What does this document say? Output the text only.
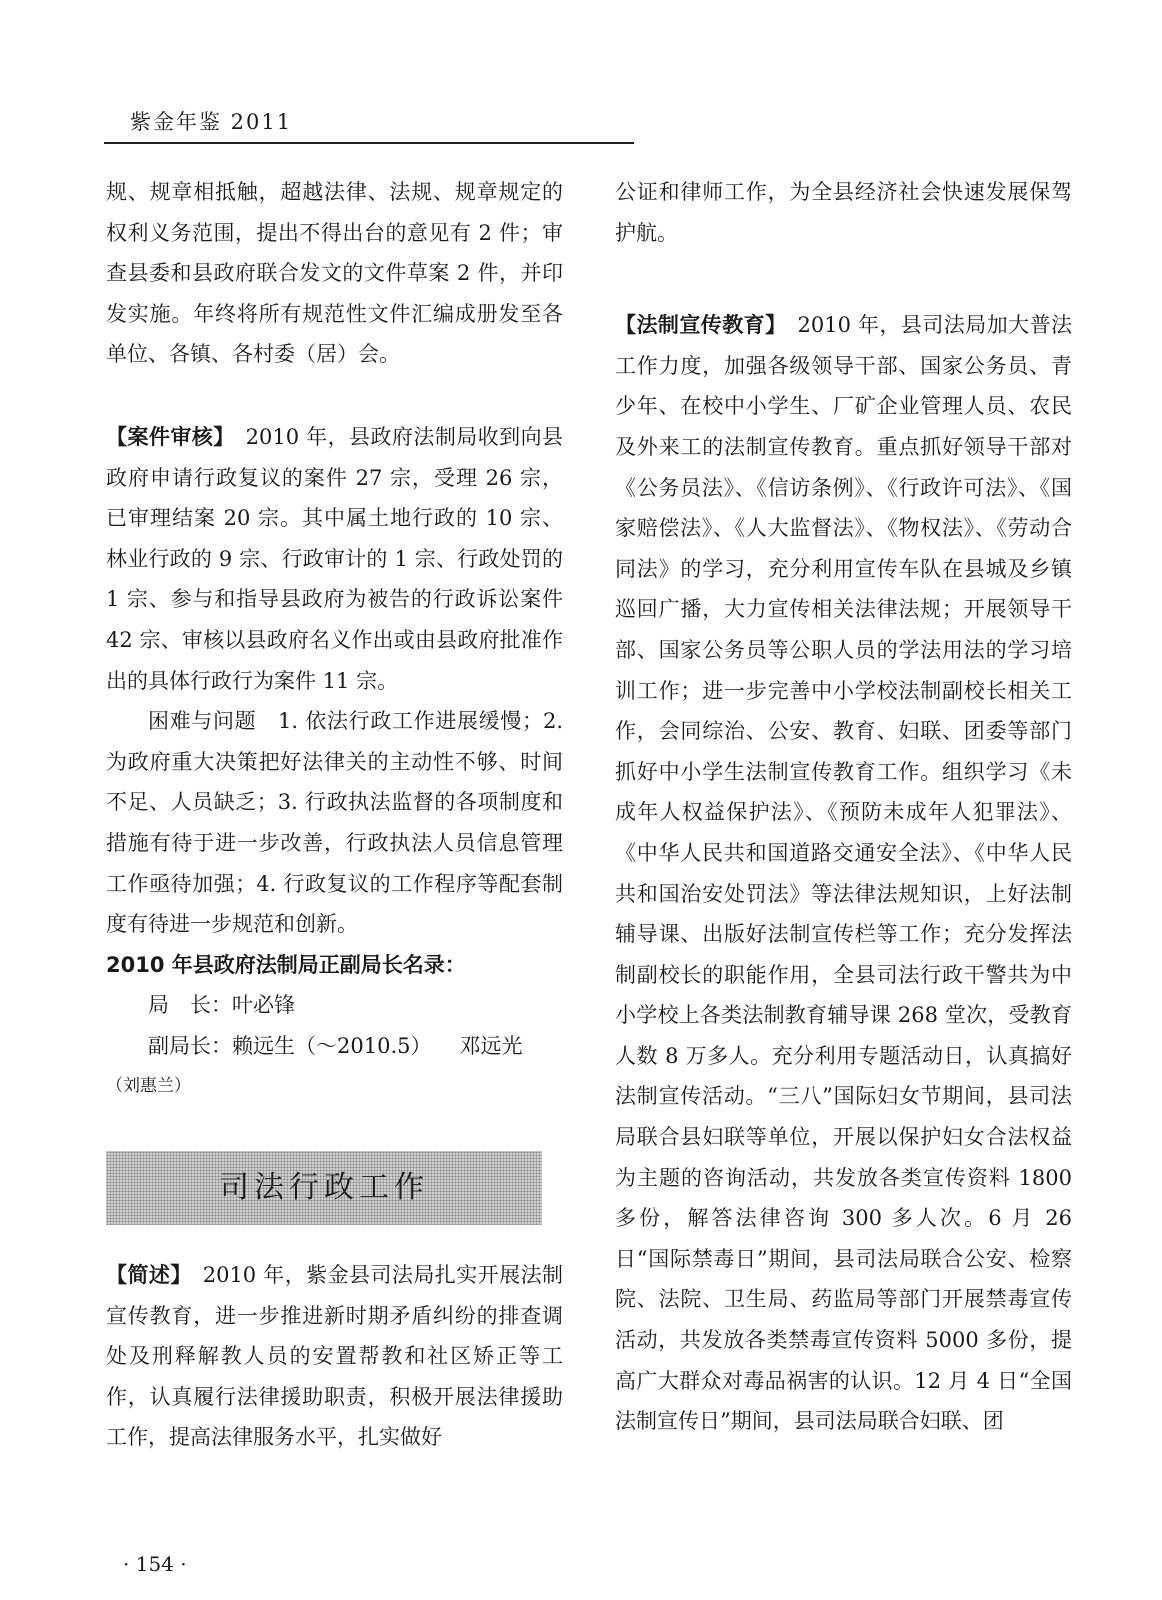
紫金年鉴 2011

规、规章相抵触，超越法律、法规、规章规定的权利义务范围，提出不得出台的意见有 2 件；审查县委和县政府联合发文的文件草案 2 件，并印发实施。年终将所有规范性文件汇编成册发至各单位、各镇、各村委（居）会。

【案件审核】　 2010 年，县政府法制局收到向县政府申请行政复议的案件 27 宗，受理 26 宗，已审理结案 20 宗。其中属土地行政的 10 宗、林业行政的 9 宗、行政审计的 1 宗、行政处罚的 1 宗、参与和指导县政府为被告的行政诉讼案件 42 宗、审核以县政府名义作出或由县政府批准作出的具体行政行为案件 11 宗。

困难与问题　 1. 依法行政工作进展缓慢；2. 为政府重大决策把好法律关的主动性不够、时间不足、人员缺乏；3. 行政执法监督的各项制度和措施有待于进一步改善，行政执法人员信息管理工作亟待加强；4. 行政复议的工作程序等配套制度有待进一步规范和创新。

2010 年县政府法制局正副局长名录：

局　长：叶必锋

副局长：赖远生（～2010.5） 邓远光

（刘惠兰）

司法行政工作

【简述】　 2010 年，紫金县司法局扎实开展法制宣传教育，进一步推进新时期矛盾纠纷的排查调处及刑释解教人员的安置帮教和社区矫正等工作，认真履行法律援助职责，积极开展法律援助工作，提高法律服务水平，扎实做好

公证和律师工作，为全县经济社会快速发展保驾护航。

【法制宣传教育】　 2010 年，县司法局加大普法工作力度，加强各级领导干部、国家公务员、青少年、在校中小学生、厂矿企业管理人员、农民及外来工的法制宣传教育。重点抓好领导干部对《公务员法》、《信访条例》、《行政许可法》、《国家赔偿法》、《人大监督法》、《物权法》、《劳动合同法》的学习，充分利用宣传车队在县城及乡镇巡回广播，大力宣传相关法律法规；开展领导干部、国家公务员等公职人员的学法用法的学习培训工作；进一步完善中小学校法制副校长相关工作，会同综治、公安、教育、妇联、团委等部门抓好中小学生法制宣传教育工作。组织学习《未成年人权益保护法》、《预防未成年人犯罪法》、《中华人民共和国道路交通安全法》、《中华人民共和国治安处罚法》等法律法规知识，上好法制辅导课、出版好法制宣传栏等工作；充分发挥法制副校长的职能作用，全县司法行政干警共为中小学校上各类法制教育辅导课 268 堂次，受教育人数 8 万多人。充分利用专题活动日，认真搞好法制宣传活动。“三八”国际妇女节期间，县司法局联合县妇联等单位，开展以保护妇女合法权益为主题的咨询活动，共发放各类宣传资料 1800 多份，解答法律咨询 300 多人次。6 月 26 日“国际禁毒日”期间，县司法局联合公安、检察院、法院、卫生局、药监局等部门开展禁毒宣传活动，共发放各类禁毒宣传资料 5000 多份，提高广大群众对毒品祸害的认识。12 月 4 日“全国法制宣传日”期间，县司法局联合妇联、团

· 154 ·
